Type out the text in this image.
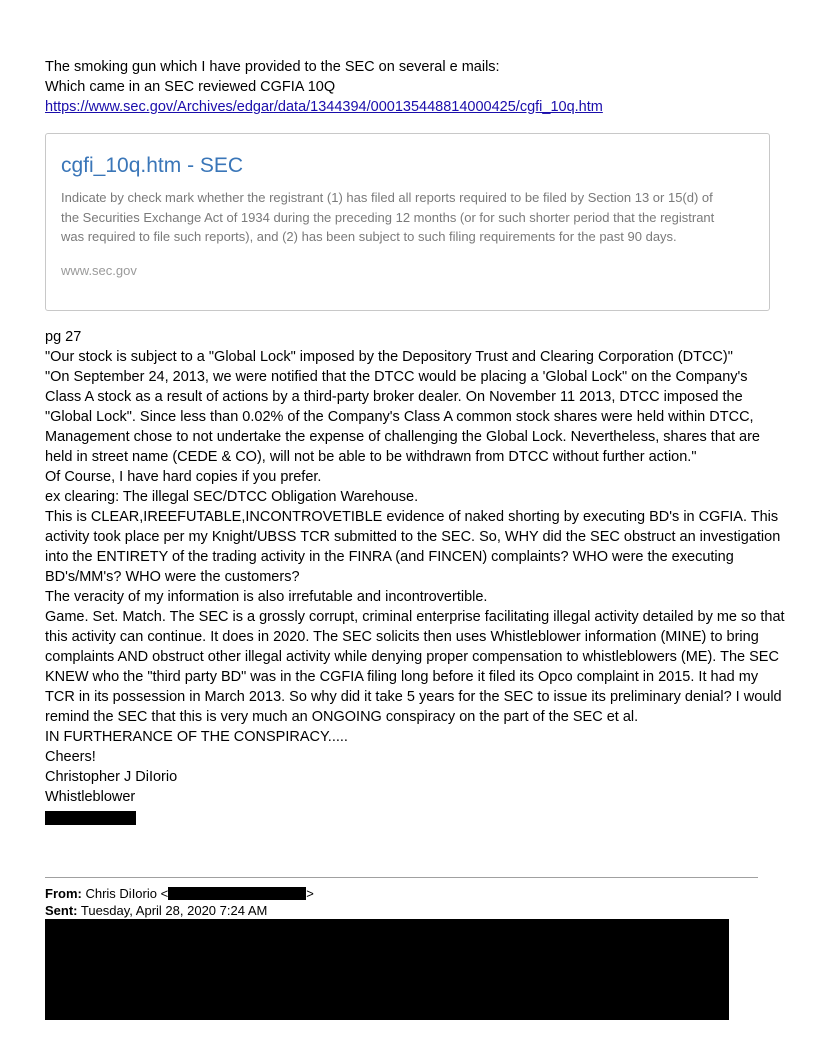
The smoking gun which I have provided to the SEC on several e mails:
Which came in an SEC reviewed CGFIA 10Q
https://www.sec.gov/Archives/edgar/data/1344394/000135448814000425/cgfi_10q.htm
cgfi_10q.htm - SEC
Indicate by check mark whether the registrant (1) has filed all reports required to be filed by Section 13 or 15(d) of the Securities Exchange Act of 1934 during the preceding 12 months (or for such shorter period that the registrant was required to file such reports), and (2) has been subject to such filing requirements for the past 90 days.
www.sec.gov
pg 27
"Our stock is subject to a "Global Lock" imposed by the Depository Trust and Clearing Corporation (DTCC)"
"On September 24, 2013, we were notified that the DTCC would be placing a 'Global Lock" on the Company's Class A stock as a result of actions by a third-party broker dealer. On November 11 2013, DTCC imposed the "Global Lock". Since less than 0.02% of the Company's Class A common stock shares were held within DTCC, Management chose to not undertake the expense of challenging the Global Lock. Nevertheless, shares that are held in street name (CEDE & CO), will not be able to be withdrawn from DTCC without further action."
Of Course, I have hard copies if you prefer.
ex clearing: The illegal SEC/DTCC Obligation Warehouse.
This is CLEAR,IREEFUTABLE,INCONTROVETIBLE evidence of naked shorting by executing BD's in CGFIA. This activity took place per my Knight/UBSS TCR submitted to the SEC. So, WHY did the SEC obstruct an investigation into the ENTIRETY of the trading activity in the FINRA (and FINCEN) complaints? WHO were the executing BD's/MM's? WHO were the customers?
The veracity of my information is also irrefutable and incontrovertible.
Game. Set. Match. The SEC is a grossly corrupt, criminal enterprise facilitating illegal activity detailed by me so that this activity can continue. It does in 2020. The SEC solicits then uses Whistleblower information (MINE) to bring complaints AND obstruct other illegal activity while denying proper compensation to whistleblowers (ME). The SEC KNEW who the "third party BD" was in the CGFIA filing long before it filed its Opco complaint in 2015. It had my TCR in its possession in March 2013. So why did it take 5 years for the SEC to issue its preliminary denial? I would remind the SEC that this is very much an ONGOING conspiracy on the part of the SEC et al.
IN FURTHERANCE OF THE CONSPIRACY.....
Cheers!
Christopher J DiIorio
Whistleblower
From: Chris DiIorio <	>
Sent: Tuesday, April 28, 2020 7:24 AM
